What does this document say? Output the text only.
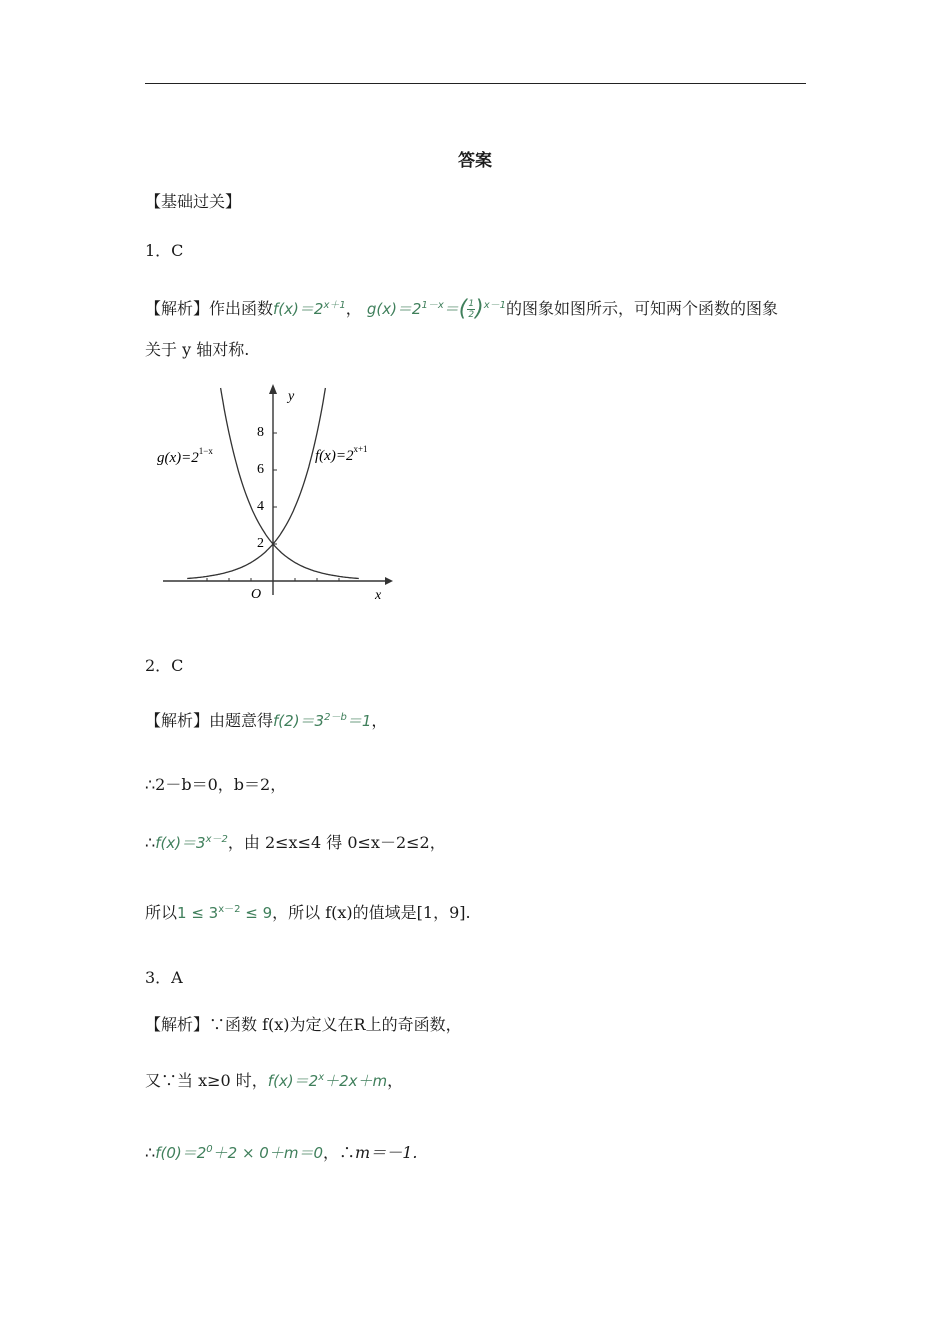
答案
【基础过关】
1．C
【解析】作出函数$f(x)=2^{x+1}$， $g(x)=2^{1-x}=( \frac{1}{2} )^{x-1}$的图象如图所示，可知两个函数的图象
关于 y 轴对称.
y
x
O
2
4
6
8
$g(x)=2^{1-x}$	$f(x)=2^{x+1}$
2．C
【解析】由题意得$f(2)=3^{2-b}=1$，
∴2－b＝0，b＝2，
$\therefore f(x)=3^{x-2}$，由 2≤x≤4 得 0≤x－2≤2，
所以$1 \le 3^{x-2} \le 9$，所以 f(x)的值域是[1，9].
3．A
【解析】∵函数 f(x)为定义在R上的奇函数，
又∵当 x≥0 时，$f(x)=2^x+2x+m$，
$\therefore f(0)=2^0+2 \times 0+m=0$，∴m＝－1.
